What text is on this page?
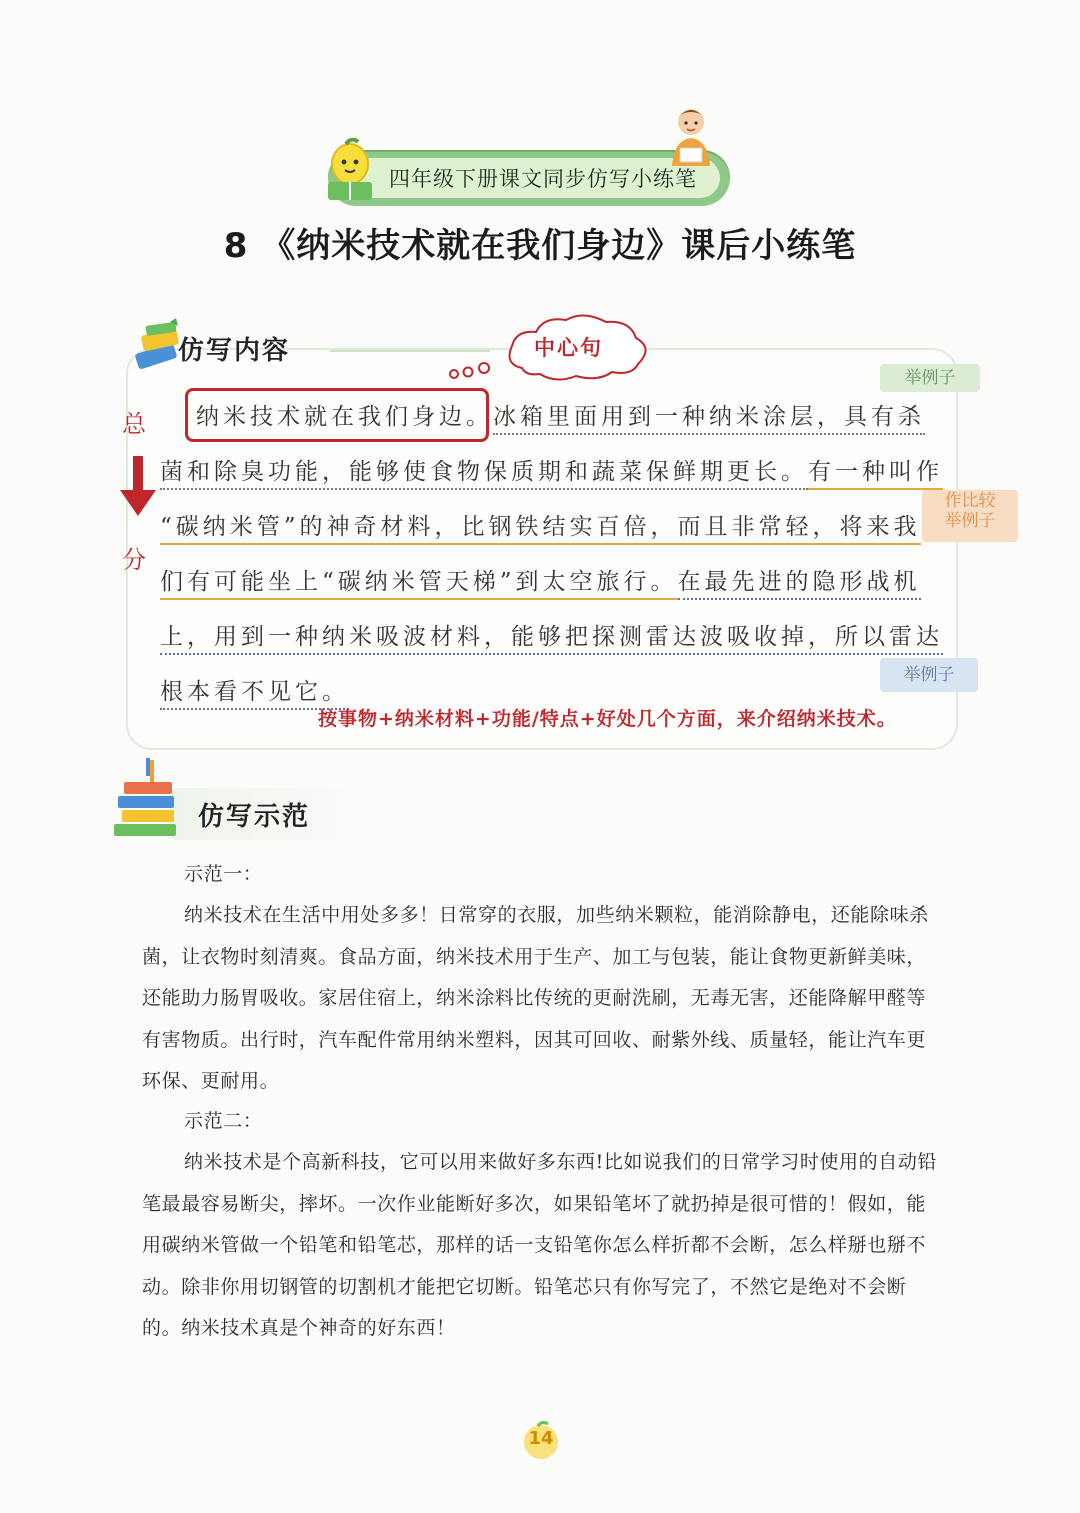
四年级下册课文同步仿写小练笔
8 《纳米技术就在我们身边》课后小练笔
仿写内容	中心句
举例子
作比较
举例子
举例子
总
分
纳米技术就在我们身边。冰箱里面用到一种纳米涂层，具有杀
菌和除臭功能，能够使食物保质期和蔬菜保鲜期更长。有一种叫作
“碳纳米管”的神奇材料，比钢铁结实百倍，而且非常轻，将来我
们有可能坐上“碳纳米管天梯”到太空旅行。在最先进的隐形战机
上，用到一种纳米吸波材料，能够把探测雷达波吸收掉，所以雷达
根本看不见它。
按事物+纳米材料+功能/特点+好处几个方面，来介绍纳米技术。
仿写示范

示范一：

纳米技术在生活中用处多多！日常穿的衣服，加些纳米颗粒，能消除静电，还能除味杀菌，让衣物时刻清爽。食品方面，纳米技术用于生产、加工与包装，能让食物更新鲜美味，还能助力肠胃吸收。家居住宿上，纳米涂料比传统的更耐洗刷，无毒无害，还能降解甲醛等有害物质。出行时，汽车配件常用纳米塑料，因其可回收、耐紫外线、质量轻，能让汽车更环保、更耐用。

示范二：

纳米技术是个高新科技，它可以用来做好多东西!比如说我们的日常学习时使用的自动铅笔最最容易断尖，摔坏。一次作业能断好多次，如果铅笔坏了就扔掉是很可惜的！假如，能用碳纳米管做一个铅笔和铅笔芯，那样的话一支铅笔你怎么样折都不会断，怎么样掰也掰不动。除非你用切钢管的切割机才能把它切断。铅笔芯只有你写完了，不然它是绝对不会断的。纳米技术真是个神奇的好东西！

14
